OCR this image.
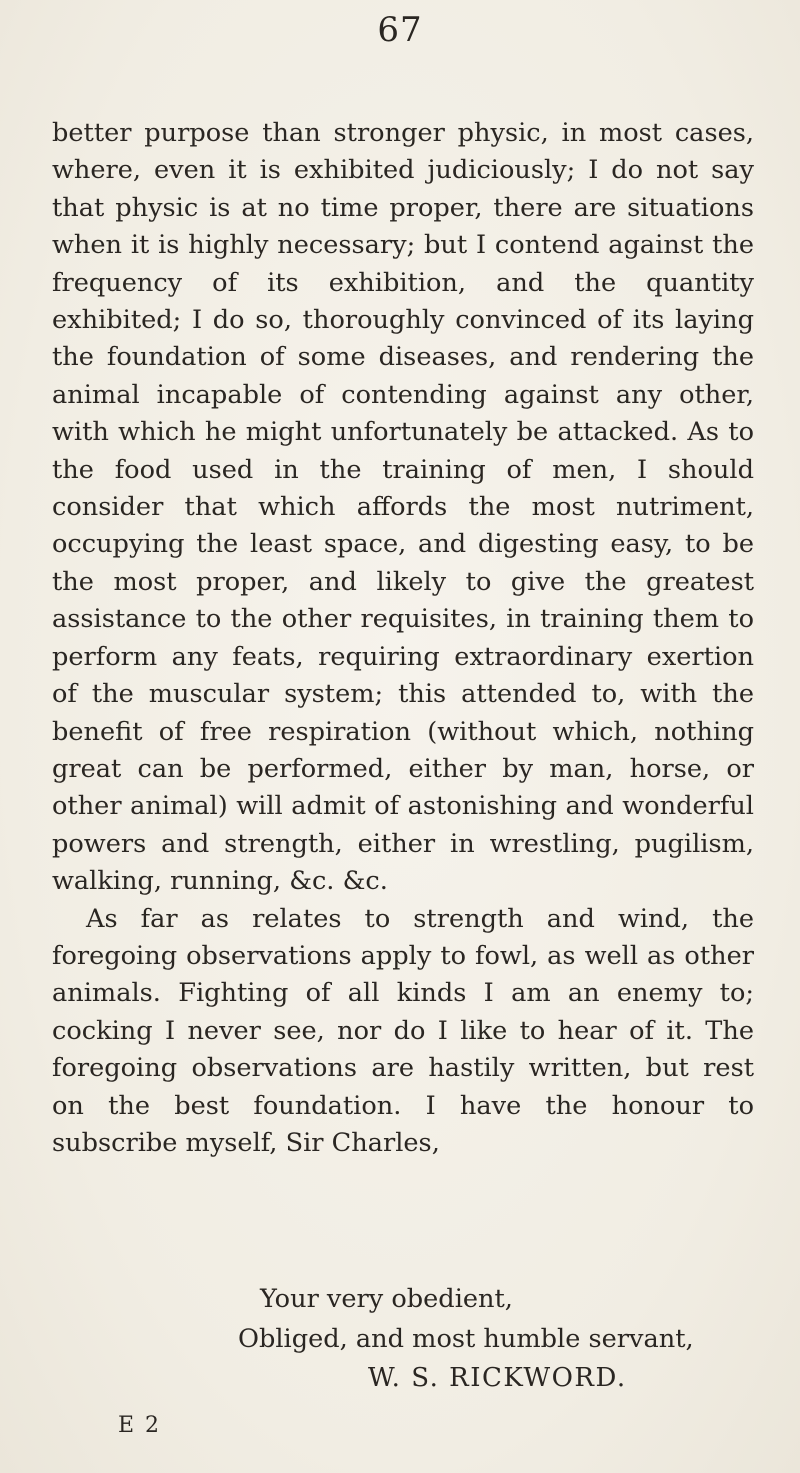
67

better purpose than stronger physic, in most cases, where, even it is exhibited judiciously; I do not say that physic is at no time proper, there are situations when it is highly necessary; but I contend against the frequency of its exhibition, and the quantity exhibited; I do so, thoroughly convinced of its laying the foundation of some diseases, and rendering the animal incapable of contending against any other, with which he might unfortunately be attacked. As to the food used in the training of men, I should consider that which affords the most nutriment, occupying the least space, and digesting easy, to be the most proper, and likely to give the greatest assistance to the other requisites, in training them to perform any feats, requiring extraordinary exertion of the muscular system; this attended to, with the benefit of free respiration (without which, nothing great can be performed, either by man, horse, or other animal) will admit of astonishing and wonderful powers and strength, either in wrestling, pugilism, walking, running, &c. &c.

As far as relates to strength and wind, the foregoing observations apply to fowl, as well as other animals. Fighting of all kinds I am an enemy to; cocking I never see, nor do I like to hear of it. The foregoing observations are hastily written, but rest on the best foundation. I have the honour to subscribe myself, Sir Charles,

Your very obedient,
Obliged, and most humble servant,
W. S. RICKWORD.
E 2
